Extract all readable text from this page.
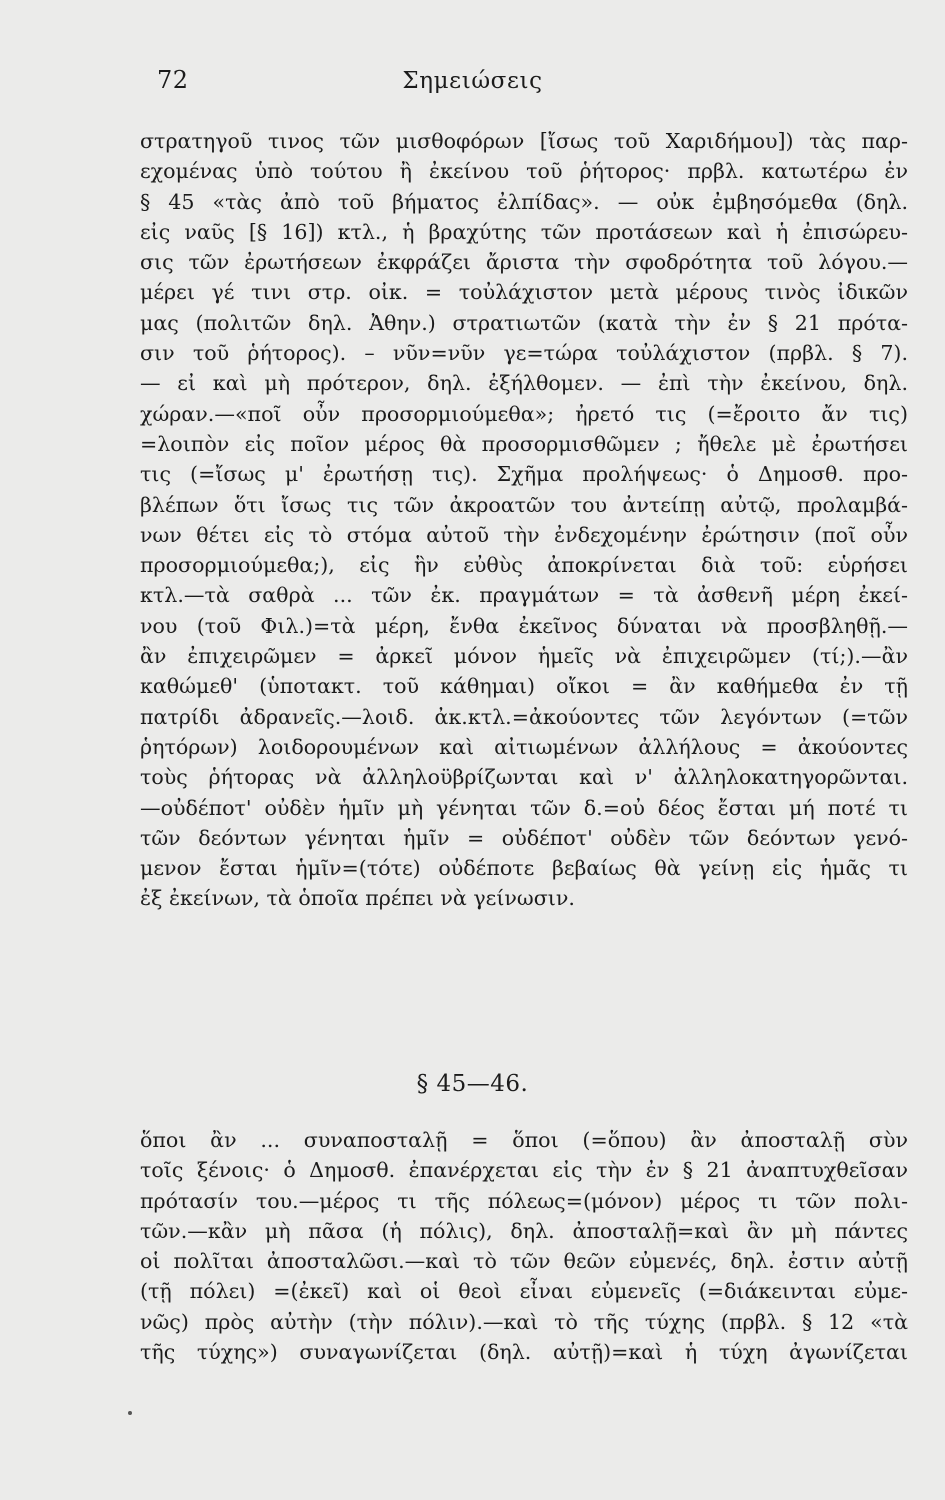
72	Σημειώσεις
στρατηγοῦ τινος τῶν μισθοφόρων [ἴσως τοῦ Χαριδήμου]) τὰς παρ-
εχομένας ὑπὸ τούτου ἢ ἐκείνου τοῦ ῥήτορος· πρβλ. κατωτέρω ἐν
§ 45 «τὰς ἀπὸ τοῦ βήματος ἐλπίδας». — οὐκ ἐμβησόμεθα (δηλ.
εἰς ναῦς [§ 16]) κτλ., ἡ βραχύτης τῶν προτάσεων καὶ ἡ ἐπισώρευ-
σις τῶν ἐρωτήσεων ἐκφράζει ἄριστα τὴν σφοδρότητα τοῦ λόγου.—
μέρει γέ τινι στρ. οἰκ. = τοὐλάχιστον μετὰ μέρους τινὸς ἰδικῶν
μας (πολιτῶν δηλ. Ἀθην.) στρατιωτῶν (κατὰ τὴν ἐν § 21 πρότα-
σιν τοῦ ῥήτορος). – νῦν=νῦν γε=τώρα τοὐλάχιστον (πρβλ. § 7).
— εἰ καὶ μὴ πρότερον, δηλ. ἐξήλθομεν. — ἐπὶ τὴν ἐκείνου, δηλ.
χώραν.—«ποῖ οὖν προσορμιούμεθα»; ἠρετό τις (=ἔροιτο ἄν τις)
=λοιπὸν εἰς ποῖον μέρος θὰ προσορμισθῶμεν ; ἤθελε μὲ ἐρωτήσει
τις (=ἴσως μ' ἐρωτήσῃ τις). Σχῆμα προλήψεως· ὁ Δημοσθ. προ-
βλέπων ὅτι ἴσως τις τῶν ἀκροατῶν του ἀντείπῃ αὐτῷ, προλαμβά-
νων θέτει εἰς τὸ στόμα αὐτοῦ τὴν ἐνδεχομένην ἐρώτησιν (ποῖ οὖν
προσορμιούμεθα;), εἰς ἣν εὐθὺς ἀποκρίνεται διὰ τοῦ: εὑρήσει
κτλ.—τὰ σαθρὰ ... τῶν ἐκ. πραγμάτων = τὰ ἀσθενῆ μέρη ἐκεί-
νου (τοῦ Φιλ.)=τὰ μέρη, ἔνθα ἐκεῖνος δύναται νὰ προσβληθῇ.—
ἂν ἐπιχειρῶμεν = ἀρκεῖ μόνον ἡμεῖς νὰ ἐπιχειρῶμεν (τί;).—ἂν
καθώμεθ' (ὑποτακτ. τοῦ κάθημαι) οἴκοι = ἂν καθήμεθα ἐν τῇ
πατρίδι ἀδρανεῖς.—λοιδ. ἀκ.κτλ.=ἀκούοντες τῶν λεγόντων (=τῶν
ῥητόρων) λοιδορουμένων καὶ αἰτιωμένων ἀλλήλους = ἀκούοντες
τοὺς ῥήτορας νὰ ἀλληλοϋβρίζωνται καὶ ν' ἀλληλοκατηγορῶνται.
—οὐδέποτ' οὐδὲν ἡμῖν μὴ γένηται τῶν δ.=οὐ δέος ἔσται μή ποτέ τι
τῶν δεόντων γένηται ἡμῖν = οὐδέποτ' οὐδὲν τῶν δεόντων γενό-
μενον ἔσται ἡμῖν=(τότε) οὐδέποτε βεβαίως θὰ γείνῃ εἰς ἡμᾶς τι
ἐξ ἐκείνων, τὰ ὁποῖα πρέπει νὰ γείνωσιν.
§ 45—46.
ὅποι ἂν ... συναποσταλῇ = ὅποι (=ὅπου) ἂν ἀποσταλῇ σὺν
τοῖς ξένοις· ὁ Δημοσθ. ἐπανέρχεται εἰς τὴν ἐν § 21 ἀναπτυχθεῖσαν
πρότασίν του.—μέρος τι τῆς πόλεως=(μόνον) μέρος τι τῶν πολι-
τῶν.—κἂν μὴ πᾶσα (ἡ πόλις), δηλ. ἀποσταλῇ=καὶ ἂν μὴ πάντες
οἱ πολῖται ἀποσταλῶσι.—καὶ τὸ τῶν θεῶν εὐμενές, δηλ. ἐστιν αὐτῇ
(τῇ πόλει) =(ἐκεῖ) καὶ οἱ θεοὶ εἶναι εὐμενεῖς (=διάκεινται εὐμε-
νῶς) πρὸς αὐτὴν (τὴν πόλιν).—καὶ τὸ τῆς τύχης (πρβλ. § 12 «τὰ
τῆς τύχης») συναγωνίζεται (δηλ. αὐτῇ)=καὶ ἡ τύχη ἀγωνίζεται
